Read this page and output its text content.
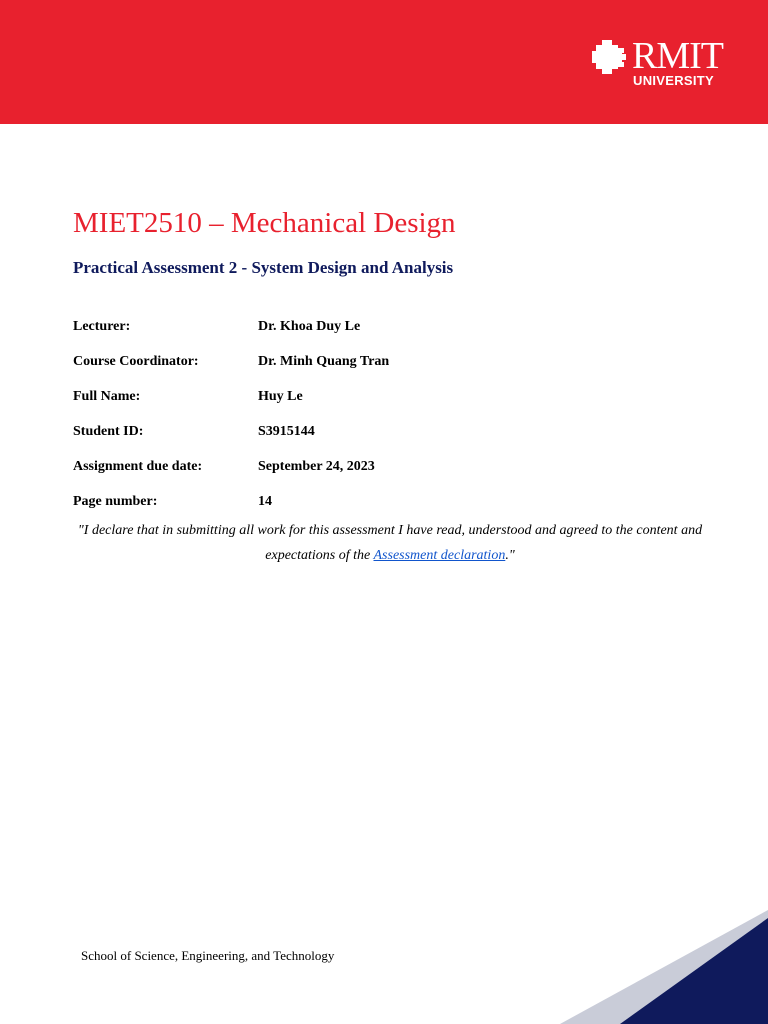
RMIT
UNIVERSITY
MIET2510 – Mechanical Design
Practical Assessment 2 - System Design and Analysis
Lecturer:	Dr. Khoa Duy Le
Course Coordinator:	Dr. Minh Quang Tran
Full Name:	Huy Le
Student ID:	S3915144
Assignment due date:	September 24, 2023
Page number:	14

"I declare that in submitting all work for this assessment I have read, understood and agreed to the content and expectations of the Assessment declaration."

School of Science, Engineering, and Technology
